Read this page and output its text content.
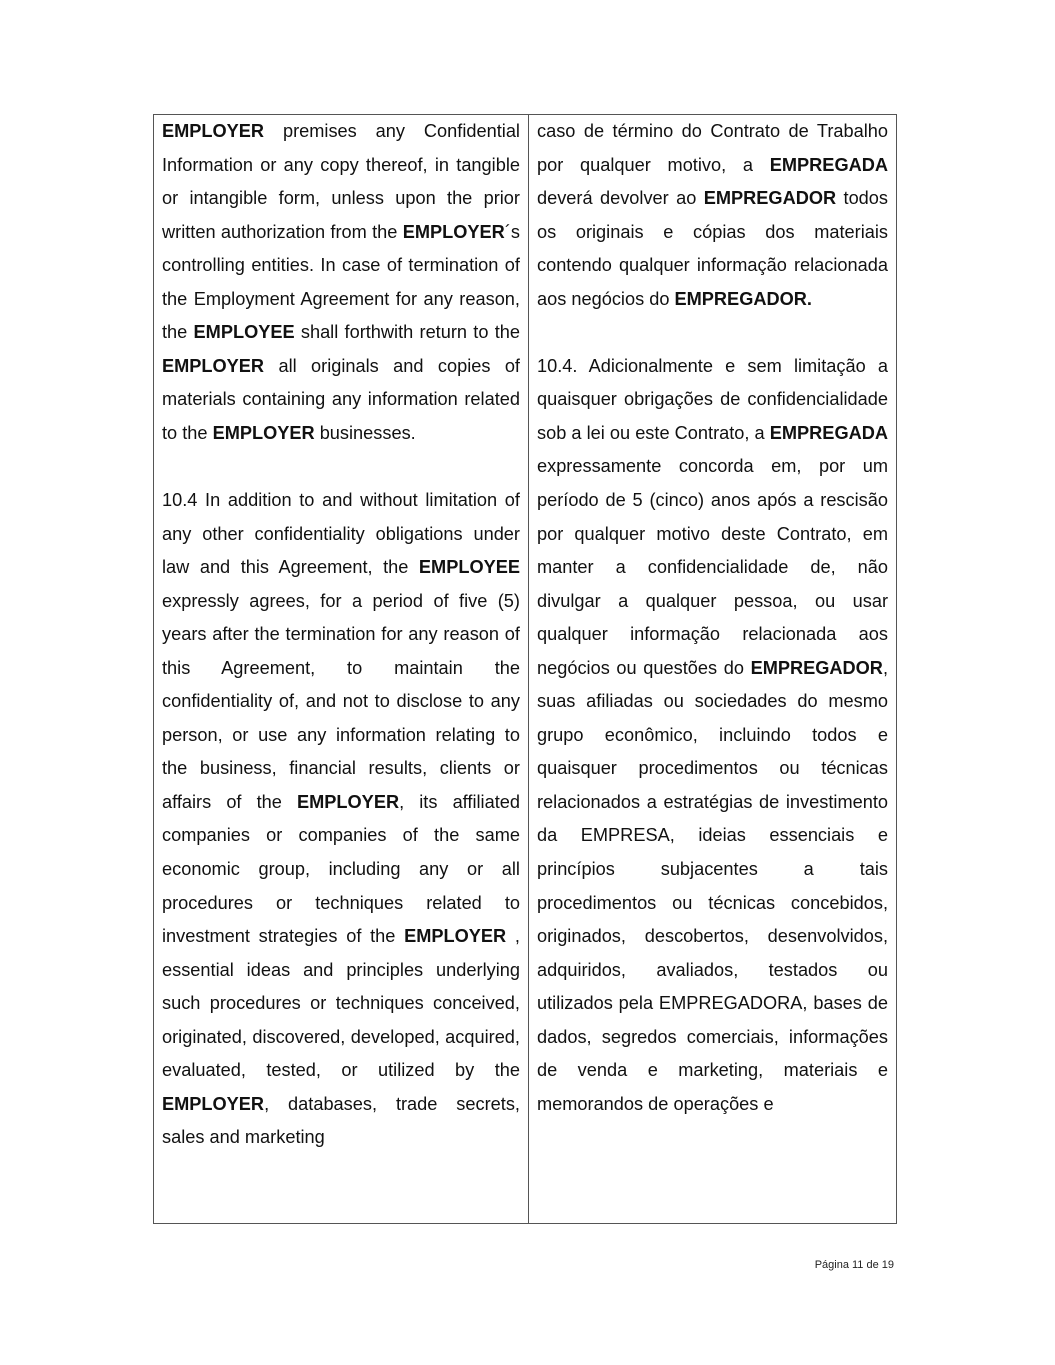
EMPLOYER premises any Confidential Information or any copy thereof, in tangible or intangible form, unless upon the prior written authorization from the EMPLOYER´s controlling entities. In case of termination of the Employment Agreement for any reason, the EMPLOYEE shall forthwith return to the EMPLOYER all originals and copies of materials containing any information related to the EMPLOYER businesses.

10.4 In addition to and without limitation of any other confidentiality obligations under law and this Agreement, the EMPLOYEE expressly agrees, for a period of five (5) years after the termination for any reason of this Agreement, to maintain the confidentiality of, and not to disclose to any person, or use any information relating to the business, financial results, clients or affairs of the EMPLOYER, its affiliated companies or companies of the same economic group, including any or all procedures or techniques related to investment strategies of the EMPLOYER , essential ideas and principles underlying such procedures or techniques conceived, originated, discovered, developed, acquired, evaluated, tested, or utilized by the EMPLOYER, databases, trade secrets, sales and marketing

caso de término do Contrato de Trabalho por qualquer motivo, a EMPREGADA deverá devolver ao EMPREGADOR todos os originais e cópias dos materiais contendo qualquer informação relacionada aos negócios do EMPREGADOR.

10.4. Adicionalmente e sem limitação a quaisquer obrigações de confidencialidade sob a lei ou este Contrato, a EMPREGADA expressamente concorda em, por um período de 5 (cinco) anos após a rescisão por qualquer motivo deste Contrato, em manter a confidencialidade de, não divulgar a qualquer pessoa, ou usar qualquer informação relacionada aos negócios ou questões do EMPREGADOR, suas afiliadas ou sociedades do mesmo grupo econômico, incluindo todos e quaisquer procedimentos ou técnicas relacionados a estratégias de investimento da EMPRESA, ideias essenciais e princípios subjacentes a tais procedimentos ou técnicas concebidos, originados, descobertos, desenvolvidos, adquiridos, avaliados, testados ou utilizados pela EMPREGADORA, bases de dados, segredos comerciais, informações de venda e marketing, materiais e memorandos de operações e

Página 11 de 19
